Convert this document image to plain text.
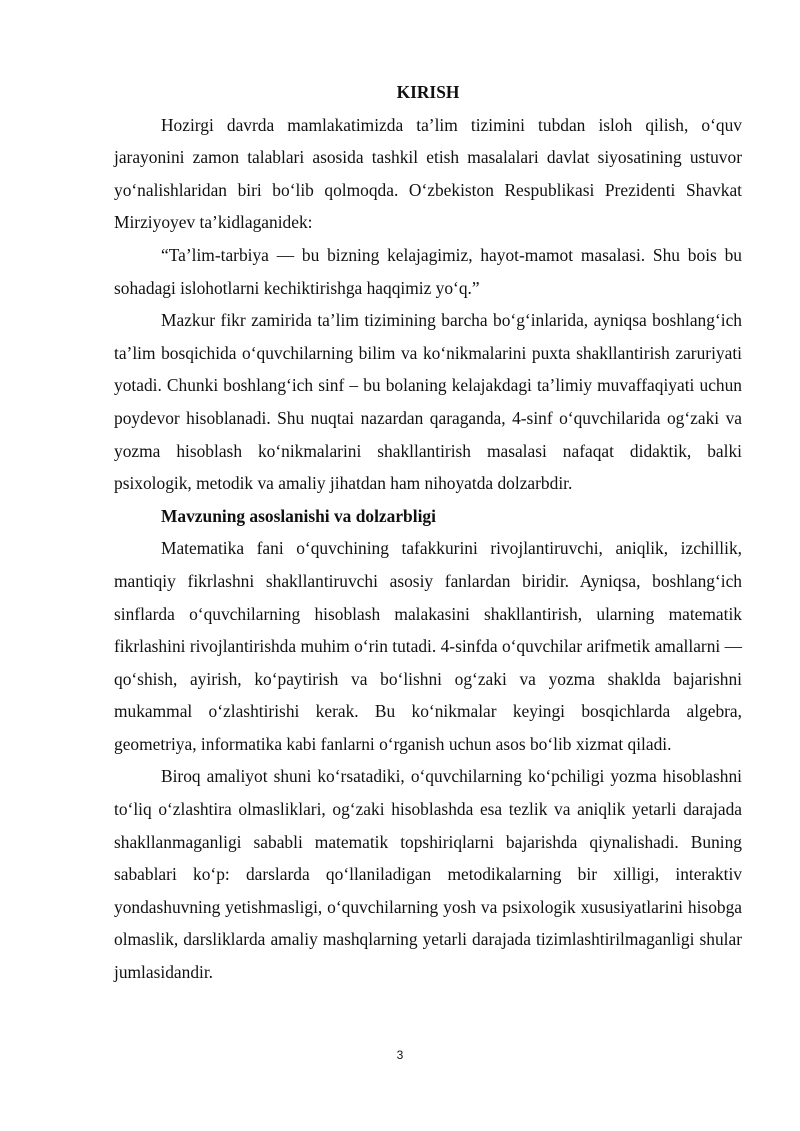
KIRISH

Hozirgi davrda mamlakatimizda ta’lim tizimini tubdan isloh qilish, o‘quv jarayonini zamon talablari asosida tashkil etish masalalari davlat siyosatining ustuvor yo‘nalishlaridan biri bo‘lib qolmoqda. O‘zbekiston Respublikasi Prezidenti Shavkat Mirziyoyev ta’kidlaganidek:

“Ta’lim-tarbiya — bu bizning kelajagimiz, hayot-mamot masalasi. Shu bois bu sohadagi islohotlarni kechiktirishga haqqimiz yo‘q.”

Mazkur fikr zamirida ta’lim tizimining barcha bo‘g‘inlarida, ayniqsa boshlang‘ich ta’lim bosqichida o‘quvchilarning bilim va ko‘nikmalarini puxta shakllantirish zaruriyati yotadi. Chunki boshlang‘ich sinf – bu bolaning kelajakdagi ta’limiy muvaffaqiyati uchun poydevor hisoblanadi. Shu nuqtai nazardan qaraganda, 4-sinf o‘quvchilarida og‘zaki va yozma hisoblash ko‘nikmalarini shakllantirish masalasi nafaqat didaktik, balki psixologik, metodik va amaliy jihatdan ham nihoyatda dolzarbdir.

Mavzuning asoslanishi va dolzarbligi

Matematika fani o‘quvchining tafakkurini rivojlantiruvchi, aniqlik, izchillik, mantiqiy fikrlashni shakllantiruvchi asosiy fanlardan biridir. Ayniqsa, boshlang‘ich sinflarda o‘quvchilarning hisoblash malakasini shakllantirish, ularning matematik fikrlashini rivojlantirishda muhim o‘rin tutadi. 4-sinfda o‘quvchilar arifmetik amallarni — qo‘shish, ayirish, ko‘paytirish va bo‘lishni og‘zaki va yozma shaklda bajarishni mukammal o‘zlashtirishi kerak. Bu ko‘nikmalar keyingi bosqichlarda algebra, geometriya, informatika kabi fanlarni o‘rganish uchun asos bo‘lib xizmat qiladi.

Biroq amaliyot shuni ko‘rsatadiki, o‘quvchilarning ko‘pchiligi yozma hisoblashni to‘liq o‘zlashtira olmasliklari, og‘zaki hisoblashda esa tezlik va aniqlik yetarli darajada shakllanmaganligi sababli matematik topshiriqlarni bajarishda qiynalishadi. Buning sabablari ko‘p: darslarda qo‘llaniladigan metodikalarning bir xilligi, interaktiv yondashuvning yetishmasligi, o‘quvchilarning yosh va psixologik xususiyatlarini hisobga olmaslik, darsliklarda amaliy mashqlarning yetarli darajada tizimlashtirilmaganligi shular jumlasidandir.

3
